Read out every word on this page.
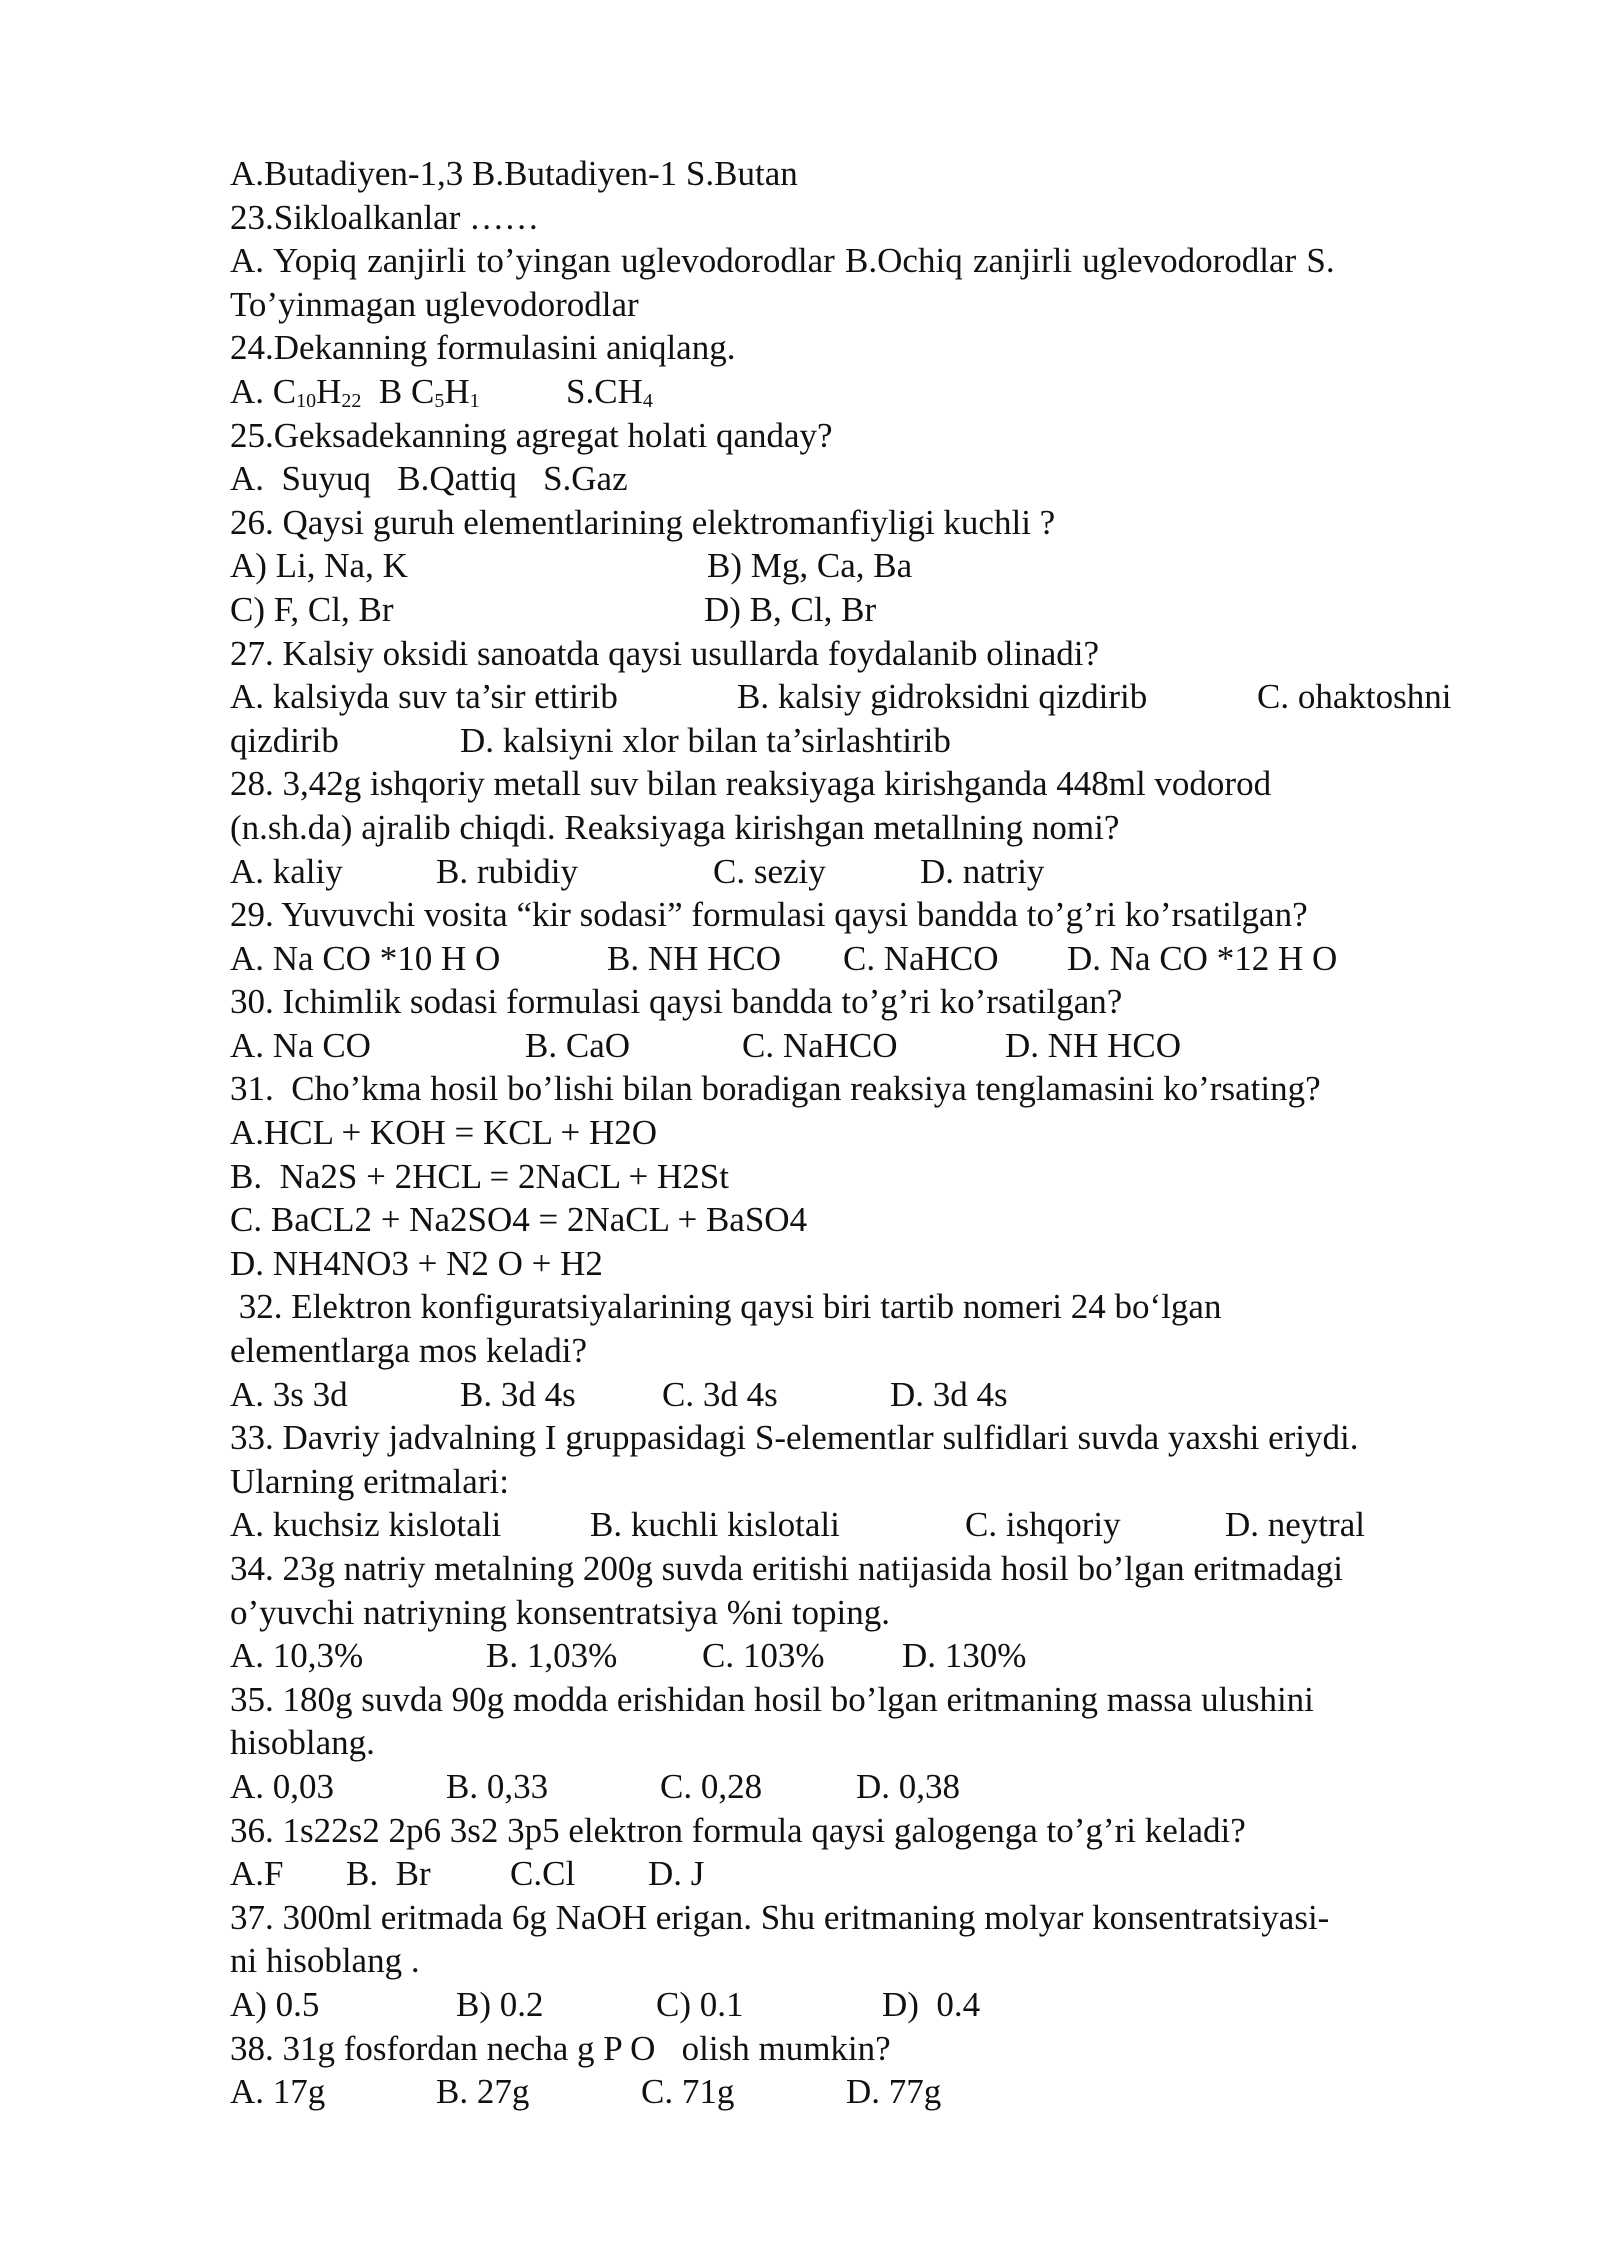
A.Butadiyen-1,3 B.Butadiyen-1 S.Butan
23.Sikloalkanlar ……
A. Yopiq zanjirli to’yingan uglevodorodlar B.Ochiq zanjirli uglevodorodlar S.
To’yinmagan uglevodorodlar
24.Dekanning formulasini aniqlang.
A. $C_{10}H_{22}$  B $C_5H_1$ $S.CH_4$
25.Geksadekanning agregat holati qanday?
A.  Suyuq   B.Qattiq   S.Gaz
26. Qaysi guruh elementlarining elektromanfiyligi kuchli ?
A) Li, Na, K	B) Mg, Ca, Ba
C) F, Cl, Br	D) B, Cl, Br
27. Kalsiy oksidi sanoatda qaysi usullarda foydalanib olinadi?
A. kalsiyda suv ta’sir ettirib	B. kalsiy gidroksidni qizdirib	C. ohaktoshni
qizdirib	D. kalsiyni xlor bilan ta’sirlashtirib
28. 3,42g ishqoriy metall suv bilan reaksiyaga kirishganda 448ml vodorod
(n.sh.da) ajralib chiqdi. Reaksiyaga kirishgan metallning nomi?
A. kaliy	B. rubidiy	C. seziy	D. natriy
29. Yuvuvchi vosita “kir sodasi” formulasi qaysi bandda to’g’ri ko’rsatilgan?
A. Na CO *10 H O	B. NH HCO C. NaHCO D. Na CO *12 H O
30. Ichimlik sodasi formulasi qaysi bandda to’g’ri ko’rsatilgan?
A. Na CO	B. CaO	C. NaHCO	D. NH HCO
31.  Cho’kma hosil bo’lishi bilan boradigan reaksiya tenglamasini ko’rsating?
A.HCL + KOH = KCL + H2O
B.  Na2S + 2HCL = 2NaCL + H2St
C. BaCL2 + Na2SO4 = 2NaCL + BaSO4
D. NH4NO3 + N2 O + H2
32. Elektron konfiguratsiyalarining qaysi biri tartib nomeri 24 bo‘lgan
elementlarga mos keladi?
A. 3s 3d	B. 3d 4s C. 3d 4s	D. 3d 4s
33. Davriy jadvalning I gruppasidagi S-elementlar sulfidlari suvda yaxshi eriydi.
Ularning eritmalari:
A. kuchsiz kislotali	B. kuchli kislotali	C. ishqoriy	D. neytral
34. 23g natriy metalning 200g suvda eritishi natijasida hosil bo’lgan eritmadagi
o’yuvchi natriyning konsentratsiya %ni toping.
A. 10,3%	B. 1,03% C. 103% D. 130%
35. 180g suvda 90g modda erishidan hosil bo’lgan eritmaning massa ulushini
hisoblang.
A. 0,03	B. 0,33	C. 0,28	D. 0,38
36. 1s22s2 2p6 3s2 3p5 elektron formula qaysi galogenga to’g’ri keladi?
A.F B.  Br C.Cl D. J
37. 300ml eritmada 6g NaOH erigan. Shu eritmaning molyar konsentratsiyasi-
ni hisoblang .
A) 0.5	B) 0.2	C) 0.1	D)  0.4
38. 31g fosfordan necha g P O   olish mumkin?
A. 17g	B. 27g	C. 71g	D. 77g
